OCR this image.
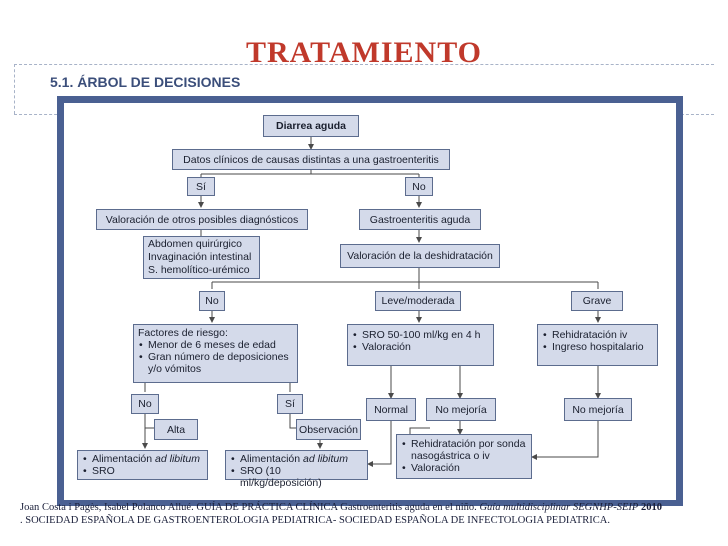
TRATAMIENTO
5.1. ÁRBOL DE DECISIONES
Diarrea aguda
Datos clínicos de causas distintas a una gastroenteritis
Sí	No
Valoración de otros posibles diagnósticos	Gastroenteritis aguda
Abdomen quirúrgico
Invaginación intestinal
S. hemolítico-urémico
Valoración de la deshidratación
No	Leve/moderada	Grave
Factores de riesgo:
• Menor de 6 meses de edad
• Gran número de deposiciones y/o vómitos
• SRO 50-100 ml/kg en 4 h
• Valoración
• Rehidratación iv
• Ingreso hospitalario
No	Sí	Normal	No mejoría	No mejoría
Alta	Observación
• Rehidratación por sonda nasogástrica o iv
• Valoración
• Alimentación ad libitum
• SRO
• Alimentación ad libitum
• SRO (10 ml/kg/deposición)
Joan Costa i Pagès, Isabel Polanco Allué. GUÍA DE PRÁCTICA CLÍNICA Gastroenteritis aguda en el niño. Guía multidisciplinar SEGNHP-SEIP 2010 . SOCIEDAD ESPAÑOLA DE GASTROENTEROLOGIA PEDIATRICA- SOCIEDAD ESPAÑOLA DE INFECTOLOGIA PEDIATRICA.
